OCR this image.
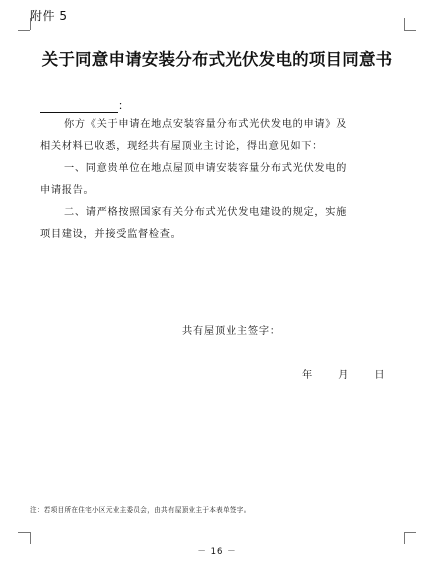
附件 5
关于同意申请安装分布式光伏发电的项目同意书
：
你方《关于申请在地点安装容量分布式光伏发电的申请》及
相关材料已收悉，现经共有屋顶业主讨论，得出意见如下：
一、同意贵单位在地点屋顶申请安装容量分布式光伏发电的
申请报告。
二、请严格按照国家有关分布式光伏发电建设的规定，实施
项目建设，并接受监督检查。
共有屋顶业主签字：
年	月	日
注：若项目所在住宅小区元业主委员会，由共有屋顶业主于本表单签字。
－ 16 －
